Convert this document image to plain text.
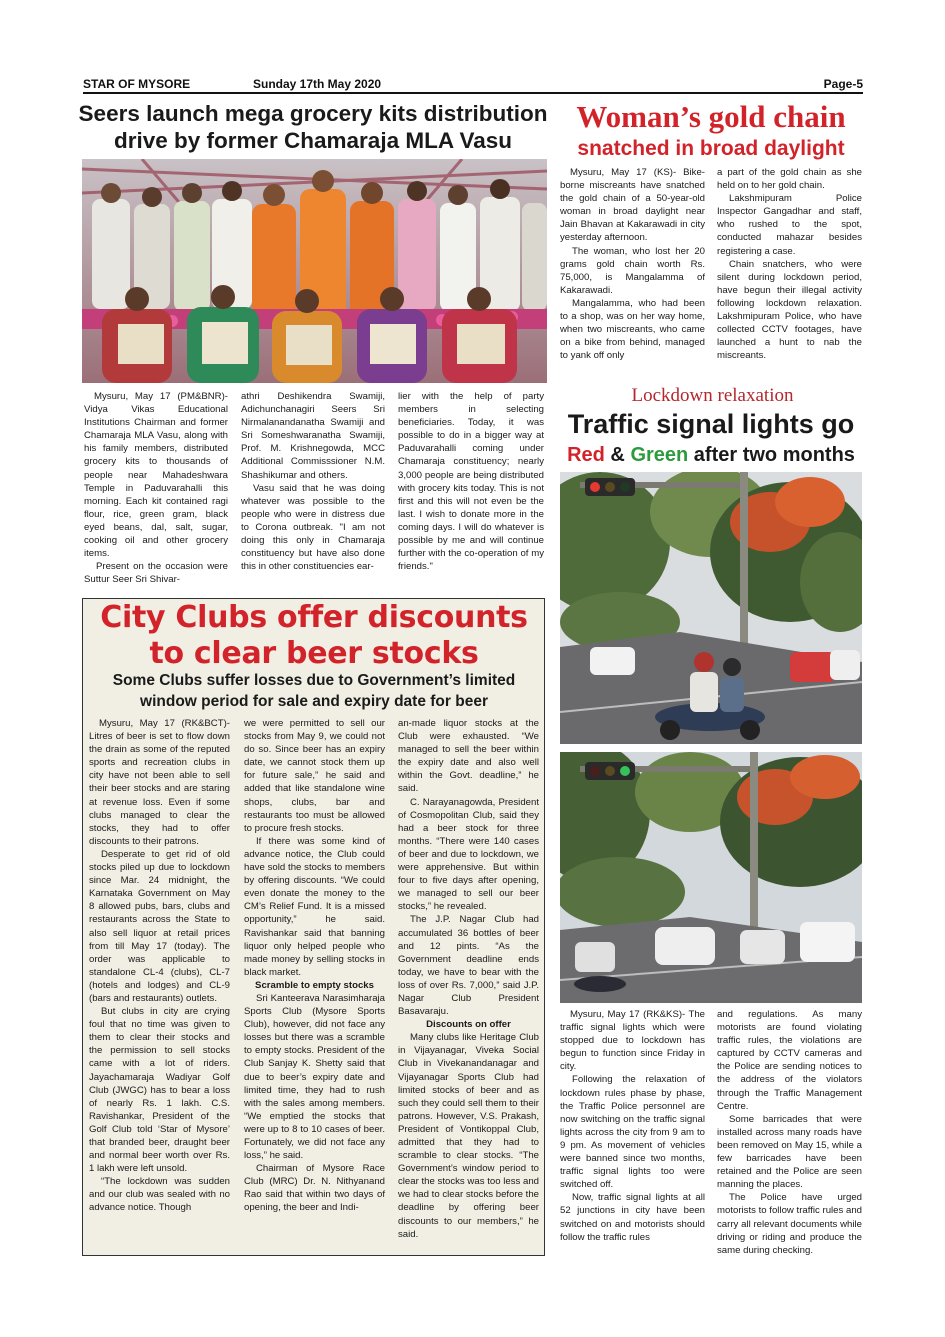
STAR OF MYSORE	Sunday 17th May 2020	Page-5
Seers launch mega grocery kits distribution
drive by former Chamaraja MLA Vasu

Mysuru, May 17 (PM&BNR)- Vidya Vikas Educational Institutions Chairman and former Chamaraja MLA Vasu, along with his family members, distributed grocery kits to thousands of people near Mahadeshwara Temple in Paduvarahalli this morning. Each kit contained ragi flour, rice, green gram, black eyed beans, dal, salt, sugar, cooking oil and other grocery items.

Present on the occasion were Suttur Seer Sri Shivar-

athri Deshikendra Swamiji, Adichunchanagiri Seers Sri Nirmalanandanatha Swamiji and Sri Someshwaranatha Swamiji, Prof. M. Krishnegowda, MCC Additional Commisssioner N.M. Shashikumar and others.

Vasu said that he was doing whatever was possible to the people who were in distress due to Corona outbreak. "I am not doing this only in Chamaraja constituency but have also done this in other constituencies ear-

lier with the help of party members in selecting beneficiaries. Today, it was possible to do in a bigger way at Paduvarahalli coming under Chamaraja constituency; nearly 3,000 people are being distributed with grocery kits today. This is not first and this will not even be the last. I wish to donate more in the coming days. I will do whatever is possible by me and will continue further with the co-operation of my friends."

Woman’s gold chain
snatched in broad daylight

Mysuru, May 17 (KS)- Bike-borne miscreants have snatched the gold chain of a 50-year-old woman in broad daylight near Jain Bhavan at Kakarawadi in city yesterday afternoon.

The woman, who lost her 20 grams gold chain worth Rs. 75,000, is Mangalamma of Kakarawadi.

Mangalamma, who had been to a shop, was on her way home, when two miscreants, who came on a bike from behind, managed to yank off only

a part of the gold chain as she held on to her gold chain.

Lakshmipuram Police Inspector Gangadhar and staff, who rushed to the spot, conducted mahazar besides registering a case.

Chain snatchers, who were silent during lockdown period, have begun their illegal activity following lockdown relaxation. Lakshmipuram Police, who have collected CCTV footages, have launched a hunt to nab the miscreants.

Lockdown relaxation
Traffic signal lights go
Red & Green after two months

Mysuru, May 17 (RK&KS)- The traffic signal lights which were stopped due to lockdown has begun to function since Friday in city.

Following the relaxation of lockdown rules phase by phase, the Traffic Police personnel are now switching on the traffic signal lights across the city from 9 am to 9 pm. As movement of vehicles were banned since two months, traffic signal lights too were switched off.

Now, traffic signal lights at all 52 junctions in city have been switched on and motorists should follow the traffic rules

and regulations. As many motorists are found violating traffic rules, the violations are captured by CCTV cameras and the Police are sending notices to the address of the violators through the Traffic Management Centre.

Some barricades that were installed across many roads have been removed on May 15, while a few barricades have been retained and the Police are seen manning the places.

The Police have urged motorists to follow traffic rules and carry all relevant documents while driving or riding and produce the same during checking.

City Clubs offer discounts
to clear beer stocks
Some Clubs suffer losses due to Government’s limited window period for sale and expiry date for beer

Mysuru, May 17 (RK&BCT)- Litres of beer is set to flow down the drain as some of the reputed sports and recreation clubs in city have not been able to sell their beer stocks and are staring at revenue loss. Even if some clubs managed to clear the stocks, they had to offer discounts to their patrons.

Desperate to get rid of old stocks piled up due to lockdown since Mar. 24 midnight, the Karnataka Government on May 8 allowed pubs, bars, clubs and restaurants across the State to also sell liquor at retail prices from till May 17 (today). The order was applicable to standalone CL-4 (clubs), CL-7 (hotels and lodges) and CL-9 (bars and restaurants) outlets.

But clubs in city are crying foul that no time was given to them to clear their stocks and the permission to sell stocks came with a lot of riders. Jayachamaraja Wadiyar Golf Club (JWGC) has to bear a loss of nearly Rs. 1 lakh. C.S. Ravishankar, President of the Golf Club told ‘Star of Mysore’ that branded beer, draught beer and normal beer worth over Rs. 1 lakh were left unsold.

“The lockdown was sudden and our club was sealed with no advance notice. Though

we were permitted to sell our stocks from May 9, we could not do so. Since beer has an expiry date, we cannot stock them up for future sale,” he said and added that like standalone wine shops, clubs, bar and restaurants too must be allowed to procure fresh stocks.

If there was some kind of advance notice, the Club could have sold the stocks to members by offering discounts. “We could even donate the money to the CM’s Relief Fund. It is a missed opportunity,” he said. Ravishankar said that banning liquor only helped people who made money by selling stocks in black market.

Scramble to empty stocks

Sri Kanteerava Narasimharaja Sports Club (Mysore Sports Club), however, did not face any losses but there was a scramble to empty stocks. President of the Club Sanjay K. Shetty said that due to beer’s expiry date and limited time, they had to rush with the sales among members. “We emptied the stocks that were up to 8 to 10 cases of beer. Fortunately, we did not face any loss,” he said.

Chairman of Mysore Race Club (MRC) Dr. N. Nithyanand Rao said that within two days of opening, the beer and Indi-

an-made liquor stocks at the Club were exhausted. “We managed to sell the beer within the expiry date and also well within the Govt. deadline,” he said.

C. Narayanagowda, President of Cosmopolitan Club, said they had a beer stock for three months. “There were 140 cases of beer and due to lockdown, we were apprehensive. But within four to five days after opening, we managed to sell our beer stocks,” he revealed.

The J.P. Nagar Club had accumulated 36 bottles of beer and 12 pints. “As the Government deadline ends today, we have to bear with the loss of over Rs. 7,000,” said J.P. Nagar Club President Basavaraju.

Discounts on offer

Many clubs like Heritage Club in Vijayanagar, Viveka Social Club in Vivekanandanagar and Vijayanagar Sports Club had limited stocks of beer and as such they could sell them to their patrons. However, V.S. Prakash, President of Vontikoppal Club, admitted that they had to scramble to clear stocks. “The Government’s window period to clear the stocks was too less and we had to clear stocks before the deadline by offering beer discounts to our members,” he said.
